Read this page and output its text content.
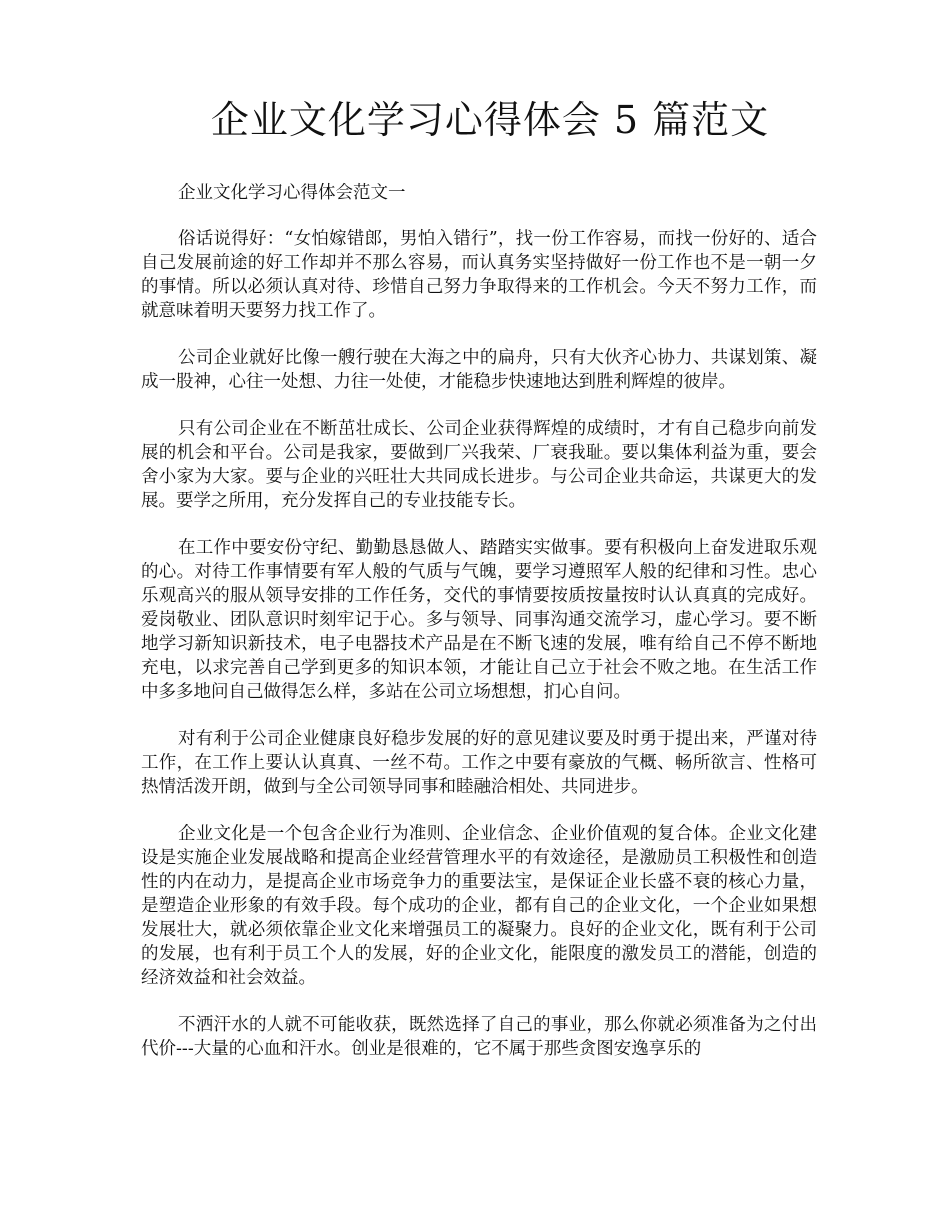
企业文化学习心得体会 5 篇范文

企业文化学习心得体会范文一

俗话说得好：“女怕嫁错郎，男怕入错行”，找一份工作容易，而找一份好的、适合自己发展前途的好工作却并不那么容易，而认真务实坚持做好一份工作也不是一朝一夕的事情。所以必须认真对待、珍惜自己努力争取得来的工作机会。今天不努力工作，而就意味着明天要努力找工作了。

公司企业就好比像一艘行驶在大海之中的扁舟，只有大伙齐心协力、共谋划策、凝成一股神，心往一处想、力往一处使，才能稳步快速地达到胜利辉煌的彼岸。

只有公司企业在不断茁壮成长、公司企业获得辉煌的成绩时，才有自己稳步向前发展的机会和平台。公司是我家，要做到厂兴我荣、厂衰我耻。要以集体利益为重，要会舍小家为大家。要与企业的兴旺壮大共同成长进步。与公司企业共命运，共谋更大的发展。要学之所用，充分发挥自己的专业技能专长。

在工作中要安份守纪、勤勤恳恳做人、踏踏实实做事。要有积极向上奋发进取乐观的心。对待工作事情要有军人般的气质与气魄，要学习遵照军人般的纪律和习性。忠心乐观高兴的服从领导安排的工作任务，交代的事情要按质按量按时认认真真的完成好。爱岗敬业、团队意识时刻牢记于心。多与领导、同事沟通交流学习，虚心学习。要不断地学习新知识新技术，电子电器技术产品是在不断飞速的发展，唯有给自己不停不断地充电，以求完善自己学到更多的知识本领，才能让自己立于社会不败之地。在生活工作中多多地问自己做得怎么样，多站在公司立场想想，扪心自问。

对有利于公司企业健康良好稳步发展的好的意见建议要及时勇于提出来，严谨对待工作，在工作上要认认真真、一丝不苟。工作之中要有豪放的气概、畅所欲言、性格可热情活泼开朗，做到与全公司领导同事和睦融洽相处、共同进步。

企业文化是一个包含企业行为准则、企业信念、企业价值观的复合体。企业文化建设是实施企业发展战略和提高企业经营管理水平的有效途径，是激励员工积极性和创造性的内在动力，是提高企业市场竞争力的重要法宝，是保证企业长盛不衰的核心力量，是塑造企业形象的有效手段。每个成功的企业，都有自己的企业文化，一个企业如果想发展壮大，就必须依靠企业文化来增强员工的凝聚力。良好的企业文化，既有利于公司的发展，也有利于员工个人的发展，好的企业文化，能限度的激发员工的潜能，创造的经济效益和社会效益。

不洒汗水的人就不可能收获，既然选择了自己的事业，那么你就必须准备为之付出代价---大量的心血和汗水。创业是很难的，它不属于那些贪图安逸享乐的
